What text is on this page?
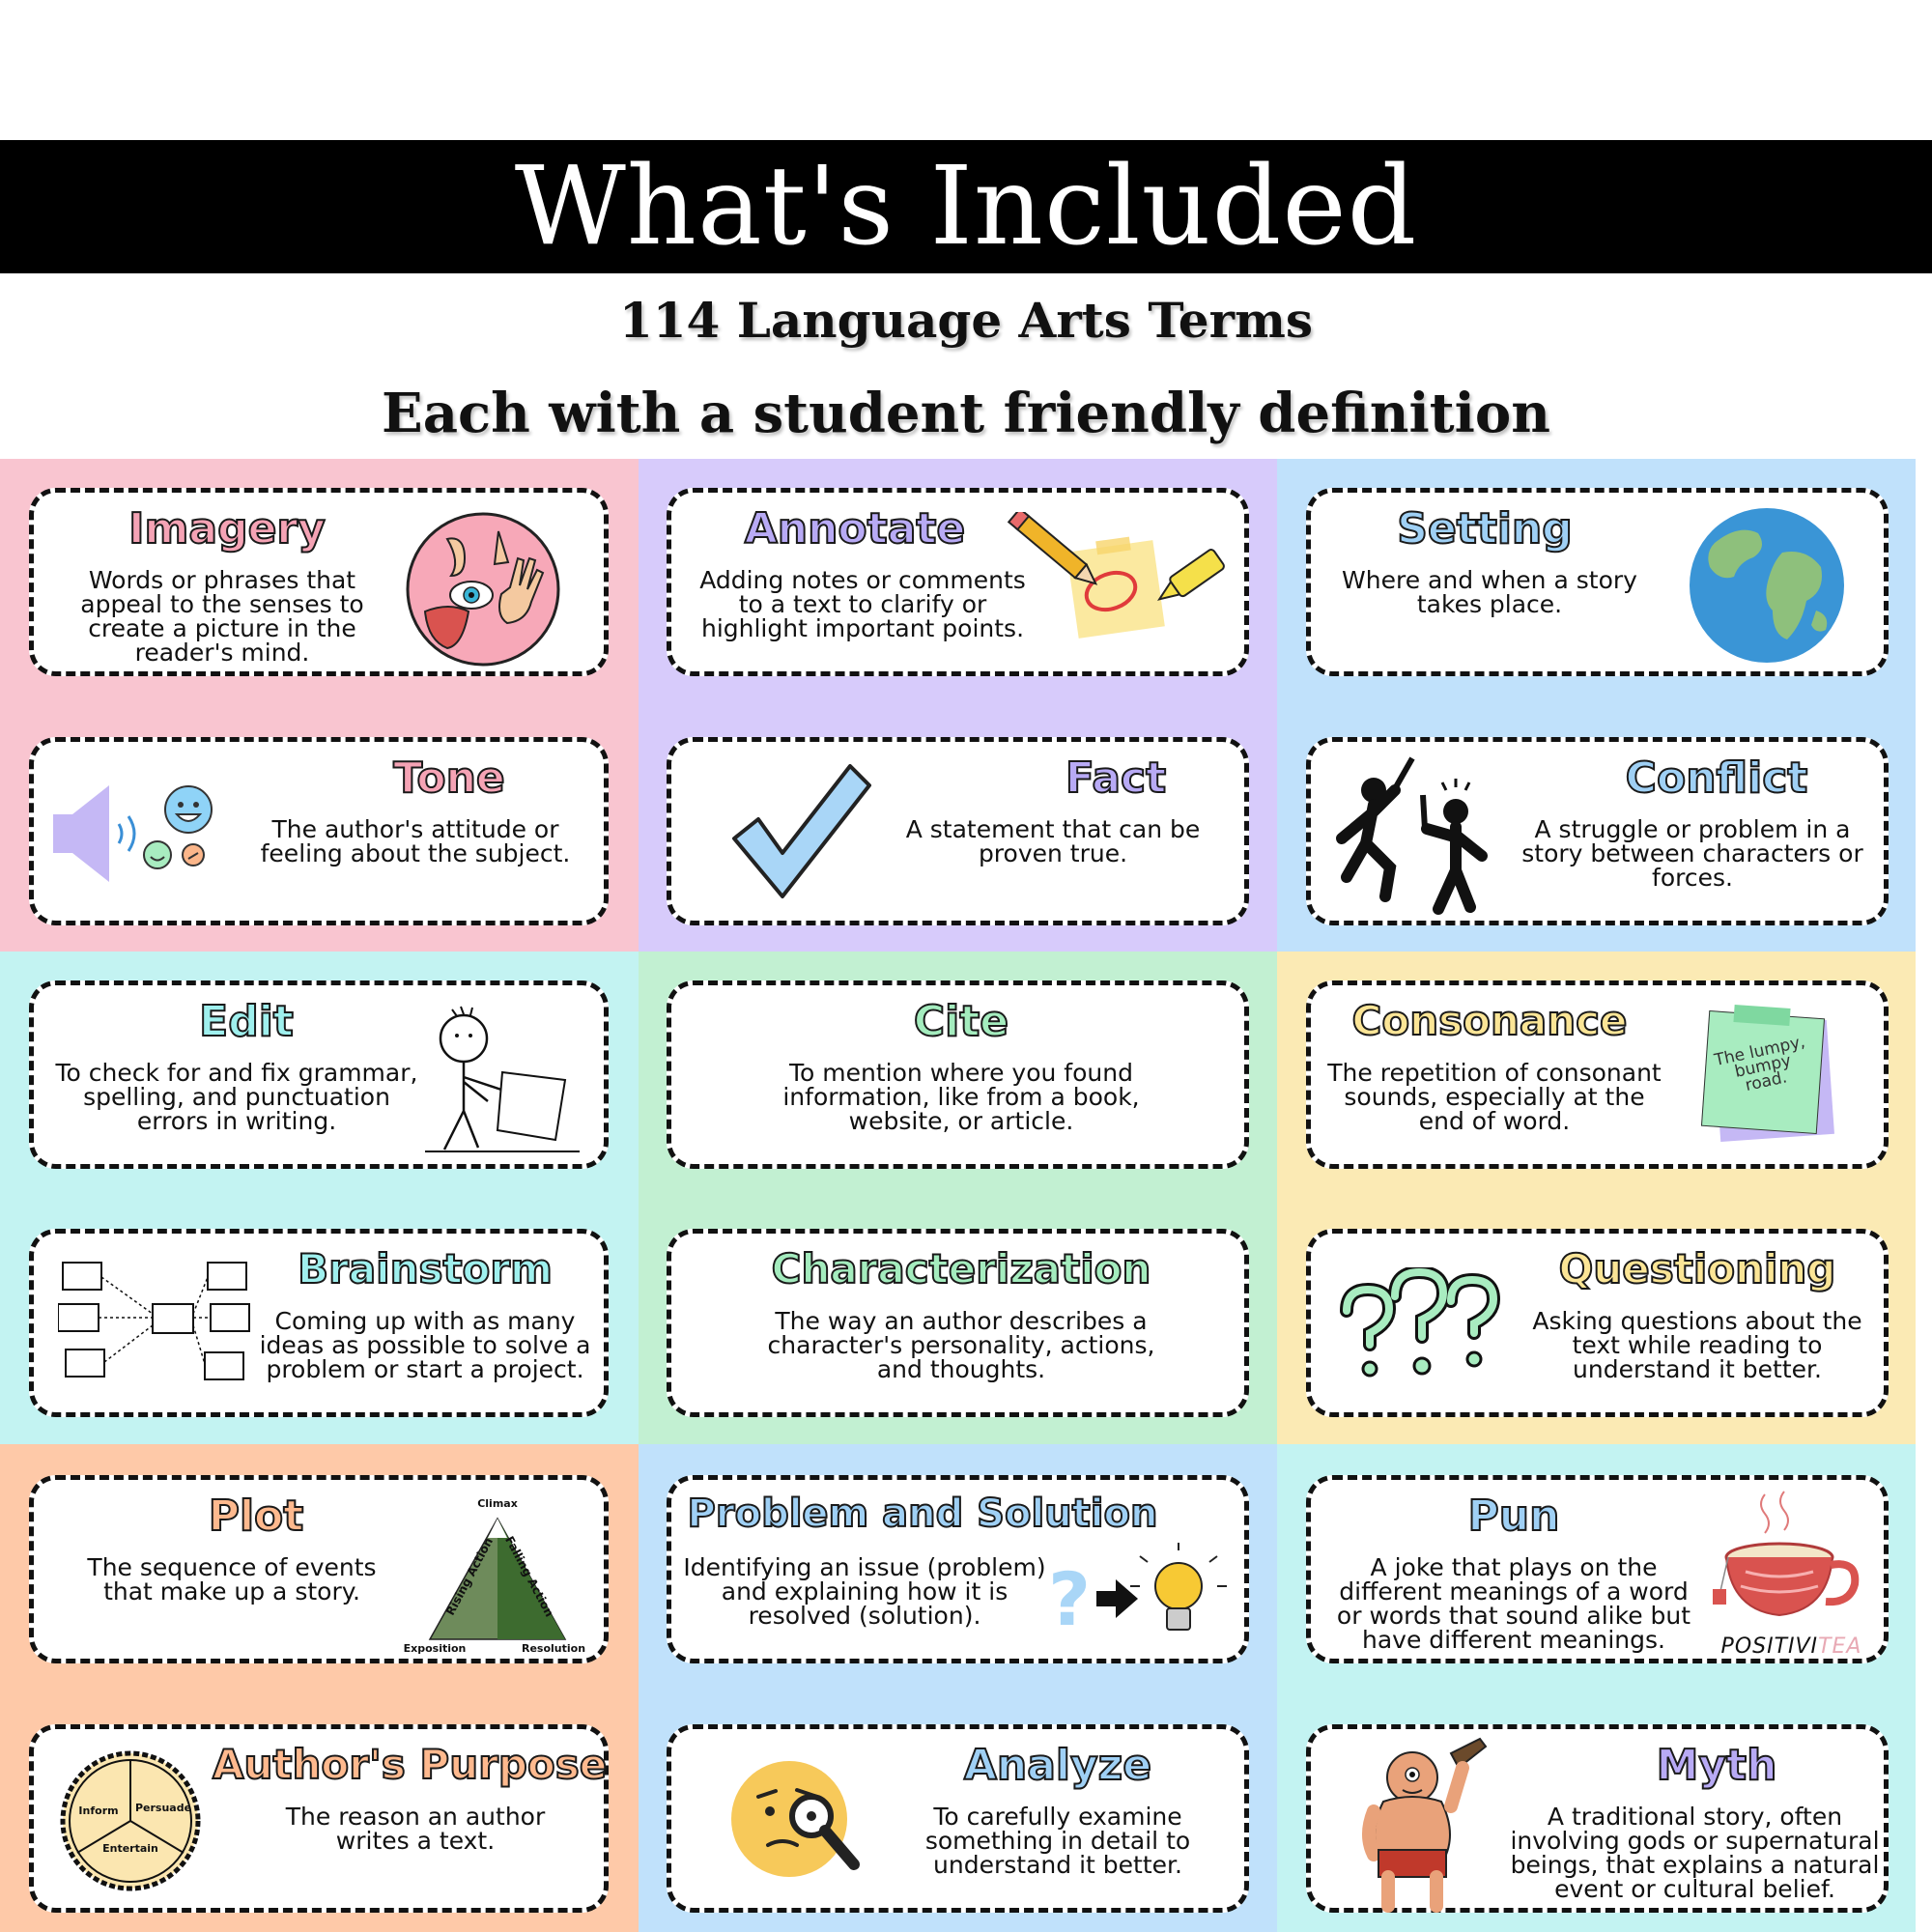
What's Included
114 Language Arts Terms
Each with a student friendly definition
Imagery
Words or phrases that appeal to the senses to create a picture in the reader's mind.
Annotate
Adding notes or comments to a text to clarify or highlight important points.
Setting
Where and when a story takes place.
Tone
The author's attitude or feeling about the subject.
Fact
A statement that can be proven true.
Conflict
A struggle or problem in a story between characters or forces.
Edit
To check for and fix grammar, spelling, and punctuation errors in writing.
Cite
To mention where you found information, like from a book, website, or article.
Consonance
The repetition of consonant sounds, especially at the end of word.
The lumpy, bumpy road.
Brainstorm
Coming up with as many ideas as possible to solve a problem or start a project.
Characterization
The way an author describes a character's personality, actions, and thoughts.
Questioning
Asking questions about the text while reading to understand it better.
Plot
The sequence of events that make up a story.
Climax
Rising Action Falling Action
Exposition	Resolution
Problem and Solution
Identifying an issue (problem) and explaining how it is resolved (solution). ?
Pun
A joke that plays on the different meanings of a word or words that sound alike but have different meanings.	POSITIVITEA
Author's Purpose
The reason an author writes a text.
Inform	Persuade
Entertain
Analyze
To carefully examine something in detail to understand it better.
Myth
A traditional story, often involving gods or supernatural beings, that explains a natural event or cultural belief.
